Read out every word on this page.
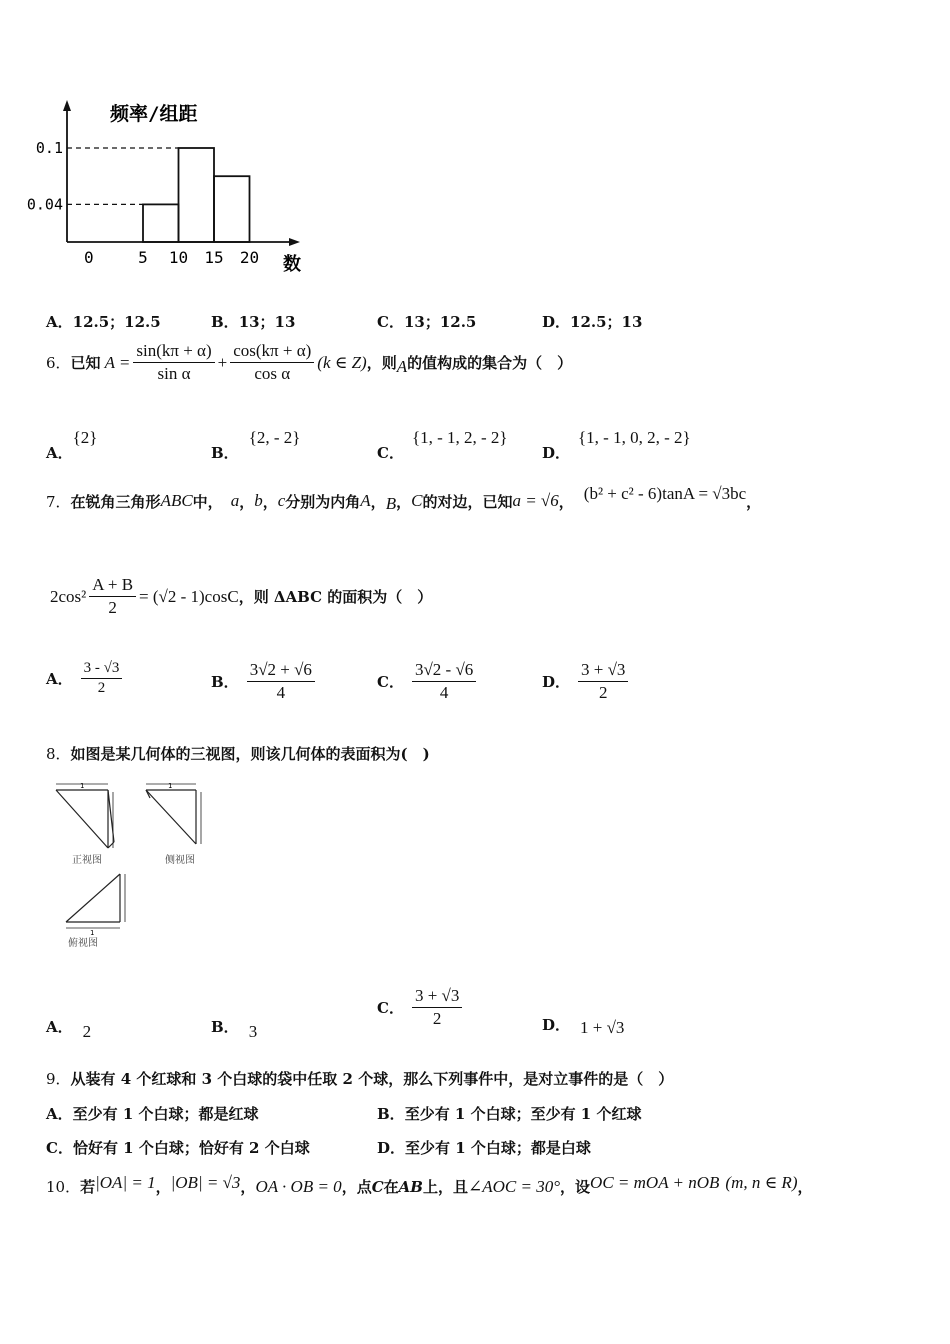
0.04
0.1
5 10 15 20
频率/组距
0	数
A．12.5；12.5	B．13；13	C．13；12.5	D．12.5；13
6． 已知 $A = \frac{\sin(k\pi + \alpha)}{\text{sin α}} + \frac{\cos(k\pi + \alpha)}{\text{cos α}} (k$ ∈ Z) ，则 A 的值构成的集合为（　）
A．
{2}
B．
{2, - 2}
C．
{1, - 1, 2, - 2}
D．
{1, - 1, 0, 2, - 2}
7． 在锐角三角形 ABC 中， a ， b ， c 分别为内角 A ， B ， C 的对边，已知 a = √6 ， (b² + c² - 6)tanA = √3bc ，
$2\cos^2 \frac{A + B}{2} = (√2 - 1)\cos C$ ，则 ΔABC 的面积为（　）
A． $\frac{3 - √3}{2}$	B． $\frac{3√2 + √6}{4}$	C． $\frac{3√2 - √6}{4}$	D． $\frac{3 + √3}{2}$
8．如图是某几何体的三视图，则该几何体的表面积为(　)
1
正视图
1
侧视图
1
俯视图
A． 2	B． 3
C． $\frac{3 + √3}{2}$	D． 1 + √3
9．从装有 4 个红球和 3 个白球的袋中任取 2 个球，那么下列事件中，是对立事件的是（　）
A．至少有 1 个白球；都是红球	B．至少有 1 个白球；至少有 1 个红球
C．恰好有 1 个白球；恰好有 2 个白球	D．至少有 1 个白球；都是白球
10． 若 |OA| = 1 ， |OB| = √3 ， OA · OB = 0 ，点 C 在 AB 上，且 ∠AOC = 30° ，设 OC = mOA + nOB (m, n ∈ R) ，
